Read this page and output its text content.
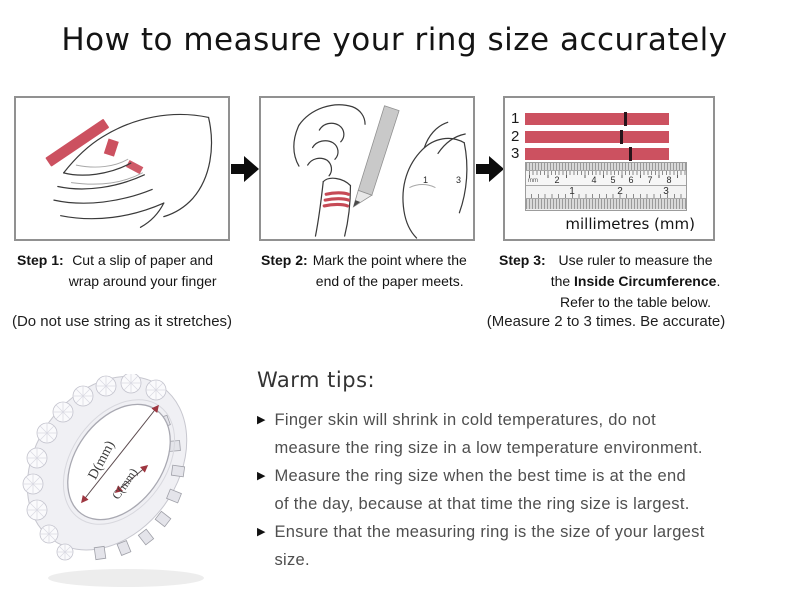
How to measure your ring size accurately
1
2
3
mm
1	2
3	4 5 6 7 8
1	2	3
millimetres (mm)
Step 1: Cut a slip of paper and
wrap around your finger
Step 2: Mark the point where the
end of the paper meets.
Step 3: Use ruler to measure the
the Inside Circumference.
Refer to the table below.
(Do not use string as it stretches)	(Measure 2 to 3 times. Be accurate)
D(mm)
C(mm)
Warm tips:
▶ Finger skin will shrink in cold temperatures, do not
measure the ring size in a low temperature environment.

▶ Measure the ring size when the best time is at the end
of the day, because at that time the ring size is largest.

▶ Ensure that the measuring ring is the size of your largest
size.
